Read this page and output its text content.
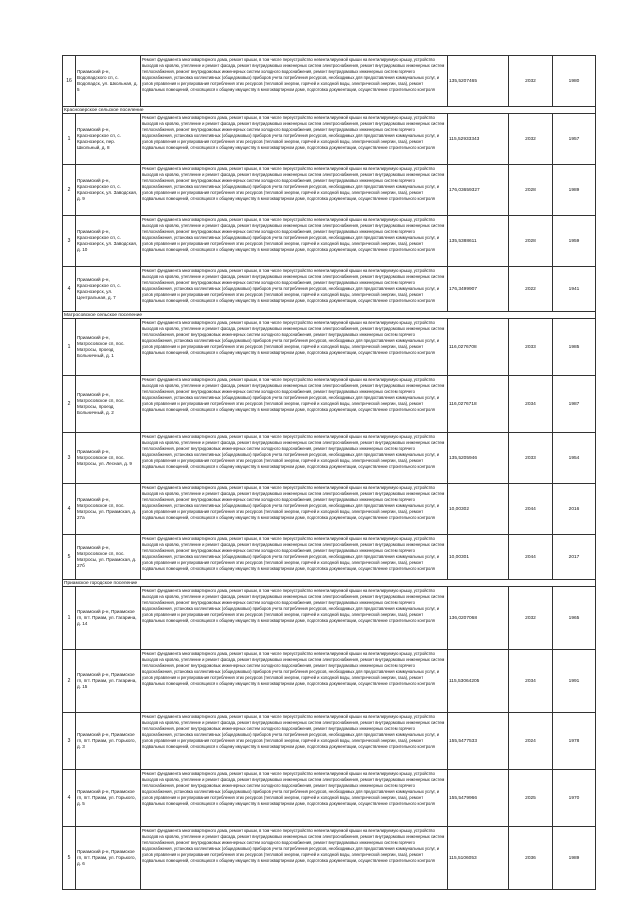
16	Приамский р-н, Водопадского сп, с. Водопадск, ул. Школьная, д. 5	Ремонт фундамента многоквартирного дома, ремонт крыши, в том числе переустройство невентилируемой крыши на вентилируемую крышу, устройство выходов на кровлю, утепление и ремонт фасада, ремонт внутридомовых инженерных систем электроснабжения, ремонт внутридомовых инженерных систем теплоснабжения, ремонт внутридомовых инженерных систем холодного водоснабжения, ремонт внутридомовых инженерных систем горячего водоснабжения, установка коллективных (общедомовых) приборов учета потребления ресурсов, необходимых для предоставления коммунальных услуг, и узлов управления и регулирования потребления этих ресурсов (тепловой энергии, горячей и холодной воды, электрической энергии, газа), ремонт подвальных помещений, относящихся к общему имуществу в многоквартирном доме, подготовка документации, осуществление строительного контроля	135,5207465	2032	1980
Краснозерское сельское поселение					
1	Приамский р-н, Краснозерское сп, с. Краснозерск, пер. Школьный, д. 8	Ремонт фундамента многоквартирного дома, ремонт крыши, в том числе переустройство невентилируемой крыши на вентилируемую крышу, устройство выходов на кровлю, утепление и ремонт фасада, ремонт внутридомовых инженерных систем электроснабжения, ремонт внутридомовых инженерных систем теплоснабжения, ремонт внутридомовых инженерных систем холодного водоснабжения, ремонт внутридомовых инженерных систем горячего водоснабжения, установка коллективных (общедомовых) приборов учета потребления ресурсов, необходимых для предоставления коммунальных услуг, и узлов управления и регулирования потребления этих ресурсов (тепловой энергии, горячей и холодной воды, электрической энергии, газа), ремонт подвальных помещений, относящихся к общему имуществу в многоквартирном доме, подготовка документации, осуществление строительного контроля	115,52933343	2032	1957
2	Приамский р-н, Краснозерское сп, с. Краснозерск, ул. Заводская, д. 9	Ремонт фундамента многоквартирного дома, ремонт крыши, в том числе переустройство невентилируемой крыши на вентилируемую крышу, устройство выходов на кровлю, утепление и ремонт фасада, ремонт внутридомовых инженерных систем электроснабжения, ремонт внутридомовых инженерных систем теплоснабжения, ремонт внутридомовых инженерных систем холодного водоснабжения, ремонт внутридомовых инженерных систем горячего водоснабжения, установка коллективных (общедомовых) приборов учета потребления ресурсов, необходимых для предоставления коммунальных услуг, и узлов управления и регулирования потребления этих ресурсов (тепловой энергии, горячей и холодной воды, электрической энергии, газа), ремонт подвальных помещений, относящихся к общему имуществу в многоквартирном доме, подготовка документации, осуществление строительного контроля	176,03659327	2028	1989
3	Приамский р-н, Краснозерское сп, с. Краснозерск, ул. Заводская, д. 10	Ремонт фундамента многоквартирного дома, ремонт крыши, в том числе переустройство невентилируемой крыши на вентилируемую крышу, устройство выходов на кровлю, утепление и ремонт фасада, ремонт внутридомовых инженерных систем электроснабжения, ремонт внутридомовых инженерных систем теплоснабжения, ремонт внутридомовых инженерных систем холодного водоснабжения, ремонт внутридомовых инженерных систем горячего водоснабжения, установка коллективных (общедомовых) приборов учета потребления ресурсов, необходимых для предоставления коммунальных услуг, и узлов управления и регулирования потребления этих ресурсов (тепловой энергии, горячей и холодной воды, электрической энергии, газа), ремонт подвальных помещений, относящихся к общему имуществу в многоквартирном доме, подготовка документации, осуществление строительного контроля	135,5388611	2028	1959
4	Приамский р-н, Краснозерское сп, с. Краснозерск, ул. Центральная, д. 7	Ремонт фундамента многоквартирного дома, ремонт крыши, в том числе переустройство невентилируемой крыши на вентилируемую крышу, устройство выходов на кровлю, утепление и ремонт фасада, ремонт внутридомовых инженерных систем электроснабжения, ремонт внутридомовых инженерных систем теплоснабжения, ремонт внутридомовых инженерных систем холодного водоснабжения, ремонт внутридомовых инженерных систем горячего водоснабжения, установка коллективных (общедомовых) приборов учета потребления ресурсов, необходимых для предоставления коммунальных услуг, и узлов управления и регулирования потребления этих ресурсов (тепловой энергии, горячей и холодной воды, электрической энергии, газа), ремонт подвальных помещений, относящихся к общему имуществу в многоквартирном доме, подготовка документации, осуществление строительного контроля	176,3499907	2022	1941
Матросовское сельское поселение					
1	Приамский р-н, Матросовское сп, пос. Матросы, проезд Больничный, д. 1	Ремонт фундамента многоквартирного дома, ремонт крыши, в том числе переустройство невентилируемой крыши на вентилируемую крышу, устройство выходов на кровлю, утепление и ремонт фасада, ремонт внутридомовых инженерных систем электроснабжения, ремонт внутридомовых инженерных систем теплоснабжения, ремонт внутридомовых инженерных систем холодного водоснабжения, ремонт внутридомовых инженерных систем горячего водоснабжения, установка коллективных (общедомовых) приборов учета потребления ресурсов, необходимых для предоставления коммунальных услуг, и узлов управления и регулирования потребления этих ресурсов (тепловой энергии, горячей и холодной воды, электрической энергии, газа), ремонт подвальных помещений, относящихся к общему имуществу в многоквартирном доме, подготовка документации, осуществление строительного контроля	116,0276708	2033	1985
2	Приамский р-н, Матросовское сп, пос. Матросы, проезд Больничный, д. 2	Ремонт фундамента многоквартирного дома, ремонт крыши, в том числе переустройство невентилируемой крыши на вентилируемую крышу, устройство выходов на кровлю, утепление и ремонт фасада, ремонт внутридомовых инженерных систем электроснабжения, ремонт внутридомовых инженерных систем теплоснабжения, ремонт внутридомовых инженерных систем холодного водоснабжения, ремонт внутридомовых инженерных систем горячего водоснабжения, установка коллективных (общедомовых) приборов учета потребления ресурсов, необходимых для предоставления коммунальных услуг, и узлов управления и регулирования потребления этих ресурсов (тепловой энергии, горячей и холодной воды, электрической энергии, газа), ремонт подвальных помещений, относящихся к общему имуществу в многоквартирном доме, подготовка документации, осуществление строительного контроля	116,0276718	2034	1987
3	Приамский р-н, Матросовское сп, пос. Матросы, ул. Лесная, д. 9	Ремонт фундамента многоквартирного дома, ремонт крыши, в том числе переустройство невентилируемой крыши на вентилируемую крышу, устройство выходов на кровлю, утепление и ремонт фасада, ремонт внутридомовых инженерных систем электроснабжения, ремонт внутридомовых инженерных систем теплоснабжения, ремонт внутридомовых инженерных систем холодного водоснабжения, ремонт внутридомовых инженерных систем горячего водоснабжения, установка коллективных (общедомовых) приборов учета потребления ресурсов, необходимых для предоставления коммунальных услуг, и узлов управления и регулирования потребления этих ресурсов (тепловой энергии, горячей и холодной воды, электрической энергии, газа), ремонт подвальных помещений, относящихся к общему имуществу в многоквартирном доме, подготовка документации, осуществление строительного контроля	135,5205946	2033	1954
4	Приамский р-н, Матросовское сп, пос. Матросы, ул. Приамская, д. 27а	Ремонт фундамента многоквартирного дома, ремонт крыши, в том числе переустройство невентилируемой крыши на вентилируемую крышу, устройство выходов на кровлю, утепление и ремонт фасада, ремонт внутридомовых инженерных систем электроснабжения, ремонт внутридомовых инженерных систем теплоснабжения, ремонт внутридомовых инженерных систем холодного водоснабжения, ремонт внутридомовых инженерных систем горячего водоснабжения, установка коллективных (общедомовых) приборов учета потребления ресурсов, необходимых для предоставления коммунальных услуг, и узлов управления и регулирования потребления этих ресурсов (тепловой энергии, горячей и холодной воды, электрической энергии, газа), ремонт подвальных помещений, относящихся к общему имуществу в многоквартирном доме, подготовка документации, осуществление строительного контроля	10,00302	2044	2016
5	Приамский р-н, Матросовское сп, пос. Матросы, ул. Приамская, д. 27б	Ремонт фундамента многоквартирного дома, ремонт крыши, в том числе переустройство невентилируемой крыши на вентилируемую крышу, устройство выходов на кровлю, утепление и ремонт фасада, ремонт внутридомовых инженерных систем электроснабжения, ремонт внутридомовых инженерных систем теплоснабжения, ремонт внутридомовых инженерных систем холодного водоснабжения, ремонт внутридомовых инженерных систем горячего водоснабжения, установка коллективных (общедомовых) приборов учета потребления ресурсов, необходимых для предоставления коммунальных услуг, и узлов управления и регулирования потребления этих ресурсов (тепловой энергии, горячей и холодной воды, электрической энергии, газа), ремонт подвальных помещений, относящихся к общему имуществу в многоквартирном доме, подготовка документации, осуществление строительного контроля	10,00301	2044	2017
Приамское городское поселение					
1	Приамский р-н, Приамское гп, пгт. Приам, ул. Гагарина, д. 14	Ремонт фундамента многоквартирного дома, ремонт крыши, в том числе переустройство невентилируемой крыши на вентилируемую крышу, устройство выходов на кровлю, утепление и ремонт фасада, ремонт внутридомовых инженерных систем электроснабжения, ремонт внутридомовых инженерных систем теплоснабжения, ремонт внутридомовых инженерных систем холодного водоснабжения, ремонт внутридомовых инженерных систем горячего водоснабжения, установка коллективных (общедомовых) приборов учета потребления ресурсов, необходимых для предоставления коммунальных услуг, и узлов управления и регулирования потребления этих ресурсов (тепловой энергии, горячей и холодной воды, электрической энергии, газа), ремонт подвальных помещений, относящихся к общему имуществу в многоквартирном доме, подготовка документации, осуществление строительного контроля	136,0207068	2032	1965
2	Приамский р-н, Приамское гп, пгт. Приам, ул. Гагарина, д. 15	Ремонт фундамента многоквартирного дома, ремонт крыши, в том числе переустройство невентилируемой крыши на вентилируемую крышу, устройство выходов на кровлю, утепление и ремонт фасада, ремонт внутридомовых инженерных систем электроснабжения, ремонт внутридомовых инженерных систем теплоснабжения, ремонт внутридомовых инженерных систем холодного водоснабжения, ремонт внутридомовых инженерных систем горячего водоснабжения, установка коллективных (общедомовых) приборов учета потребления ресурсов, необходимых для предоставления коммунальных услуг, и узлов управления и регулирования потребления этих ресурсов (тепловой энергии, горячей и холодной воды, электрической энергии, газа), ремонт подвальных помещений, относящихся к общему имуществу в многоквартирном доме, подготовка документации, осуществление строительного контроля	115,53064205	2034	1991
3	Приамский р-н, Приамское гп, пгт. Приам, ул. Горького, д. 3	Ремонт фундамента многоквартирного дома, ремонт крыши, в том числе переустройство невентилируемой крыши на вентилируемую крышу, устройство выходов на кровлю, утепление и ремонт фасада, ремонт внутридомовых инженерных систем электроснабжения, ремонт внутридомовых инженерных систем теплоснабжения, ремонт внутридомовых инженерных систем холодного водоснабжения, ремонт внутридомовых инженерных систем горячего водоснабжения, установка коллективных (общедомовых) приборов учета потребления ресурсов, необходимых для предоставления коммунальных услуг, и узлов управления и регулирования потребления этих ресурсов (тепловой энергии, горячей и холодной воды, электрической энергии, газа), ремонт подвальных помещений, относящихся к общему имуществу в многоквартирном доме, подготовка документации, осуществление строительного контроля	155,5477533	2024	1978
4	Приамский р-н, Приамское гп, пгт. Приам, ул. Горького, д. 5	Ремонт фундамента многоквартирного дома, ремонт крыши, в том числе переустройство невентилируемой крыши на вентилируемую крышу, устройство выходов на кровлю, утепление и ремонт фасада, ремонт внутридомовых инженерных систем электроснабжения, ремонт внутридомовых инженерных систем теплоснабжения, ремонт внутридомовых инженерных систем холодного водоснабжения, ремонт внутридомовых инженерных систем горячего водоснабжения, установка коллективных (общедомовых) приборов учета потребления ресурсов, необходимых для предоставления коммунальных услуг, и узлов управления и регулирования потребления этих ресурсов (тепловой энергии, горячей и холодной воды, электрической энергии, газа), ремонт подвальных помещений, относящихся к общему имуществу в многоквартирном доме, подготовка документации, осуществление строительного контроля	155,5479966	2025	1970
5	Приамский р-н, Приамское гп, пгт. Приам, ул. Горького, д. 6	Ремонт фундамента многоквартирного дома, ремонт крыши, в том числе переустройство невентилируемой крыши на вентилируемую крышу, устройство выходов на кровлю, утепление и ремонт фасада, ремонт внутридомовых инженерных систем электроснабжения, ремонт внутридомовых инженерных систем теплоснабжения, ремонт внутридомовых инженерных систем холодного водоснабжения, ремонт внутридомовых инженерных систем горячего водоснабжения, установка коллективных (общедомовых) приборов учета потребления ресурсов, необходимых для предоставления коммунальных услуг, и узлов управления и регулирования потребления этих ресурсов (тепловой энергии, горячей и холодной воды, электрической энергии, газа), ремонт подвальных помещений, относящихся к общему имуществу в многоквартирном доме, подготовка документации, осуществление строительного контроля	115,5106053	2036	1989
